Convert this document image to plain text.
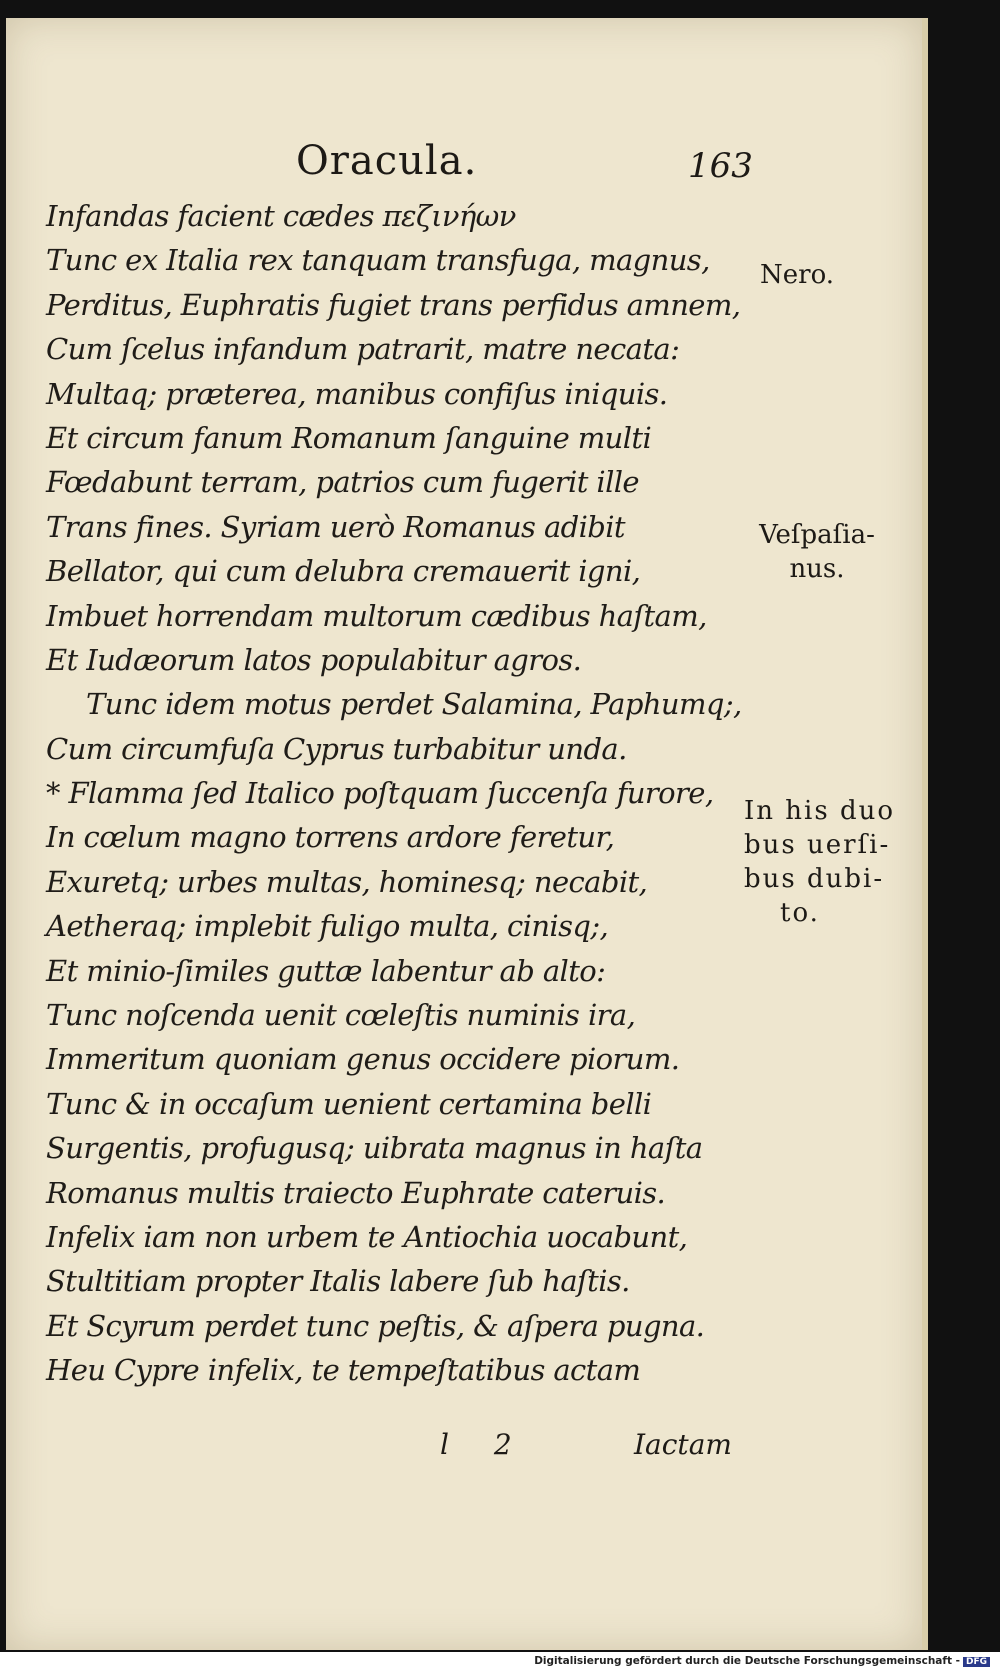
Oracula.	163
Infandas facient cædes πεζινήων
Tunc ex Italia rex tanquam transfuga, magnus,
Perditus, Euphratis fugiet trans perfidus amnem,
Cum ſcelus infandum patrarit, matre necata:
Multaq; præterea, manibus confiſus iniquis.
Et circum fanum Romanum ſanguine multi
Fœdabunt terram, patrios cum fugerit ille
Trans fines. Syriam uerò Romanus adibit
Bellator, qui cum delubra cremauerit igni,
Imbuet horrendam multorum cædibus haſtam,
Et Iudæorum latos populabitur agros.
Tunc idem motus perdet Salamina, Paphumq;,
Cum circumfuſa Cyprus turbabitur unda.
* Flamma ſed Italico poſtquam ſuccenſa furore,
In cœlum magno torrens ardore feretur,
Exuretq; urbes multas, hominesq; necabit,
Aetheraq; implebit fuligo multa, cinisq;,
Et minio-ſimiles guttæ labentur ab alto:
Tunc noſcenda uenit cœleſtis numinis ira,
Immeritum quoniam genus occidere piorum.
Tunc & in occaſum uenient certamina belli
Surgentis, profugusq; uibrata magnus in haſta
Romanus multis traiecto Euphrate cateruis.
Infelix iam non urbem te Antiochia uocabunt,
Stultitiam propter Italis labere ſub haſtis.
Et Scyrum perdet tunc peſtis, & aſpera pugna.
Heu Cypre infelix, te tempeſtatibus actam
Nero.
Veſpaſia-
nus.
In his duo
bus uerſi-
bus dubi-
to.
l 2	Iactam
Digitalisierung gefördert durch die Deutsche Forschungsgemeinschaft - DFG
